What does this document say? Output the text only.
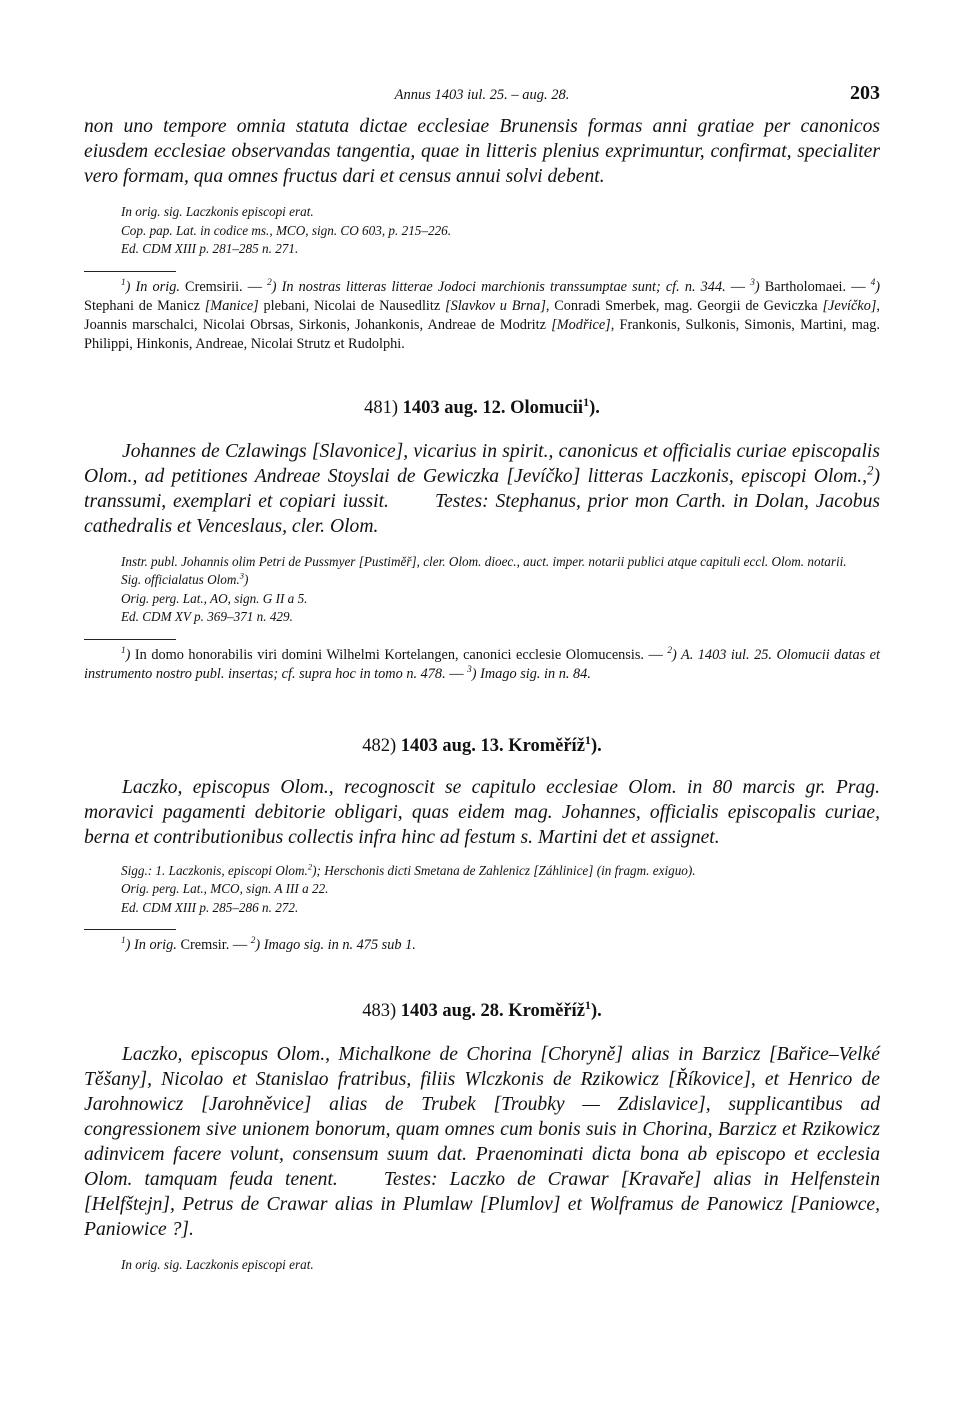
Annus 1403 iul. 25. – aug. 28.	203
non uno tempore omnia statuta dictae ecclesiae Brunensis formas anni gratiae per canonicos eiusdem ecclesiae observandas tangentia, quae in litteris plenius exprimuntur, confirmat, specialiter vero formam, qua omnes fructus dari et census annui solvi debent.
In orig. sig. Laczkonis episcopi erat.
Cop. pap. Lat. in codice ms., MCO, sign. CO 603, p. 215–226.
Ed. CDM XIII p. 281–285 n. 271.
$^1$) In orig. Cremsirii. — $^2$) In nostras litteras litterae Jodoci marchionis transsumptae sunt; cf. n. 344. — $^3$) Bartholomaei. — $^4$) Stephani de Manicz [Manice] plebani, Nicolai de Nausedlitz [Slavkov u Brna], Conradi Smerbek, mag. Georgii de Geviczka [Jevíčko], Joannis marschalci, Nicolai Obrsas, Sirkonis, Johankonis, Andreae de Modritz [Modřice], Frankonis, Sulkonis, Simonis, Martini, mag. Philippi, Hinkonis, Andreae, Nicolai Strutz et Rudolphi.
481) 1403 aug. 12. Olomucii$^1$).
Johannes de Czlawings [Slavonice], vicarius in spirit., canonicus et officialis curiae episcopalis Olom., ad petitiones Andreae Stoyslai de Gewiczka [Jevíčko] litteras Laczkonis, episcopi Olom.,$^2$) transsumi, exemplari et copiari iussit. Testes: Stephanus, prior mon Carth. in Dolan, Jacobus cathedralis et Venceslaus, cler. Olom.
Instr. publ. Johannis olim Petri de Pussmyer [Pustiměř], cler. Olom. dioec., auct. imper. notarii publici atque capituli eccl. Olom. notarii.
Sig. officialatus Olom.$^3$)
Orig. perg. Lat., AO, sign. G II a 5.
Ed. CDM XV p. 369–371 n. 429.
$^1$) In domo honorabilis viri domini Wilhelmi Kortelangen, canonici ecclesie Olomucensis. — $^2$) A. 1403 iul. 25. Olomucii datas et instrumento nostro publ. insertas; cf. supra hoc in tomo n. 478. — $^3$) Imago sig. in n. 84.
482) 1403 aug. 13. Kroměříž$^1$).
Laczko, episcopus Olom., recognoscit se capitulo ecclesiae Olom. in 80 marcis gr. Prag. moravici pagamenti debitorie obligari, quas eidem mag. Johannes, officialis episcopalis curiae, berna et contributionibus collectis infra hinc ad festum s. Martini det et assignet.
Sigg.: 1. Laczkonis, episcopi Olom.$^2$); Herschonis dicti Smetana de Zahlenicz [Záhlinice] (in fragm. exiguo).
Orig. perg. Lat., MCO, sign. A III a 22.
Ed. CDM XIII p. 285–286 n. 272.
$^1$) In orig. Cremsir. — $^2$) Imago sig. in n. 475 sub 1.
483) 1403 aug. 28. Kroměříž$^1$).
Laczko, episcopus Olom., Michalkone de Chorina [Choryně] alias in Barzicz [Bařice–Velké Těšany], Nicolao et Stanislao fratribus, filiis Wlczkonis de Rzikowicz [Říkovice], et Henrico de Jarohnowicz [Jarohněvice] alias de Trubek [Troubky — Zdislavice], supplicantibus ad congressionem sive unionem bonorum, quam omnes cum bonis suis in Chorina, Barzicz et Rzikowicz adinvicem facere volunt, consensum suum dat. Praenominati dicta bona ab episcopo et ecclesia Olom. tamquam feuda tenent. Testes: Laczko de Crawar [Kravaře] alias in Helfenstein [Helfštejn], Petrus de Crawar alias in Plumlaw [Plumlov] et Wolframus de Panowicz [Paniowce, Paniowice ?].
In orig. sig. Laczkonis episcopi erat.
